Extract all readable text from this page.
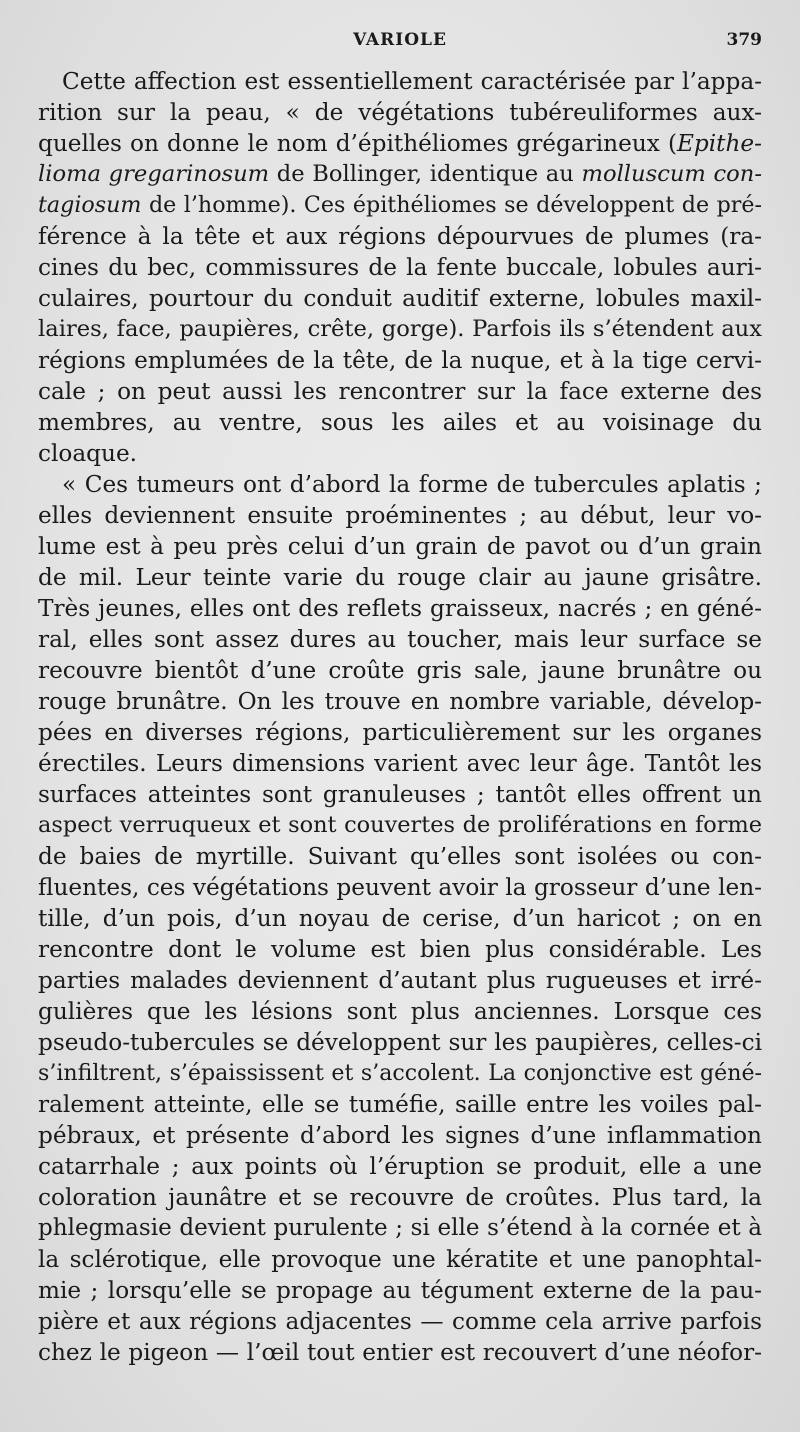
VARIOLE	379
Cette affection est essentiellement caractérisée par l’appa-
rition sur la peau, « de végétations tubéreuliformes aux-
quelles on donne le nom d’épithéliomes grégarineux (Epithe-
lioma gregarinosum de Bollinger, identique au molluscum con-
tagiosum de l’homme). Ces épithéliomes se développent de pré-
férence à la tête et aux régions dépourvues de plumes (ra-
cines du bec, commissures de la fente buccale, lobules auri-
culaires, pourtour du conduit auditif externe, lobules maxil-
laires, face, paupières, crête, gorge). Parfois ils s’étendent aux
régions emplumées de la tête, de la nuque, et à la tige cervi-
cale ; on peut aussi les rencontrer sur la face externe des
membres, au ventre, sous les ailes et au voisinage du
cloaque.
« Ces tumeurs ont d’abord la forme de tubercules aplatis ;
elles deviennent ensuite proéminentes ; au début, leur vo-
lume est à peu près celui d’un grain de pavot ou d’un grain
de mil. Leur teinte varie du rouge clair au jaune grisâtre.
Très jeunes, elles ont des reflets graisseux, nacrés ; en géné-
ral, elles sont assez dures au toucher, mais leur surface se
recouvre bientôt d’une croûte gris sale, jaune brunâtre ou
rouge brunâtre. On les trouve en nombre variable, dévelop-
pées en diverses régions, particulièrement sur les organes
érectiles. Leurs dimensions varient avec leur âge. Tantôt les
surfaces atteintes sont granuleuses ; tantôt elles offrent un
aspect verruqueux et sont couvertes de proliférations en forme
de baies de myrtille. Suivant qu’elles sont isolées ou con-
fluentes, ces végétations peuvent avoir la grosseur d’une len-
tille, d’un pois, d’un noyau de cerise, d’un haricot ; on en
rencontre dont le volume est bien plus considérable. Les
parties malades deviennent d’autant plus rugueuses et irré-
gulières que les lésions sont plus anciennes. Lorsque ces
pseudo-tubercules se développent sur les paupières, celles-ci
s’infiltrent, s’épaississent et s’accolent. La conjonctive est géné-
ralement atteinte, elle se tuméfie, saille entre les voiles pal-
pébraux, et présente d’abord les signes d’une inflammation
catarrhale ; aux points où l’éruption se produit, elle a une
coloration jaunâtre et se recouvre de croûtes. Plus tard, la
phlegmasie devient purulente ; si elle s’étend à la cornée et à
la sclérotique, elle provoque une kératite et une panophtal-
mie ; lorsqu’elle se propage au tégument externe de la pau-
pière et aux régions adjacentes — comme cela arrive parfois
chez le pigeon — l’œil tout entier est recouvert d’une néofor-
